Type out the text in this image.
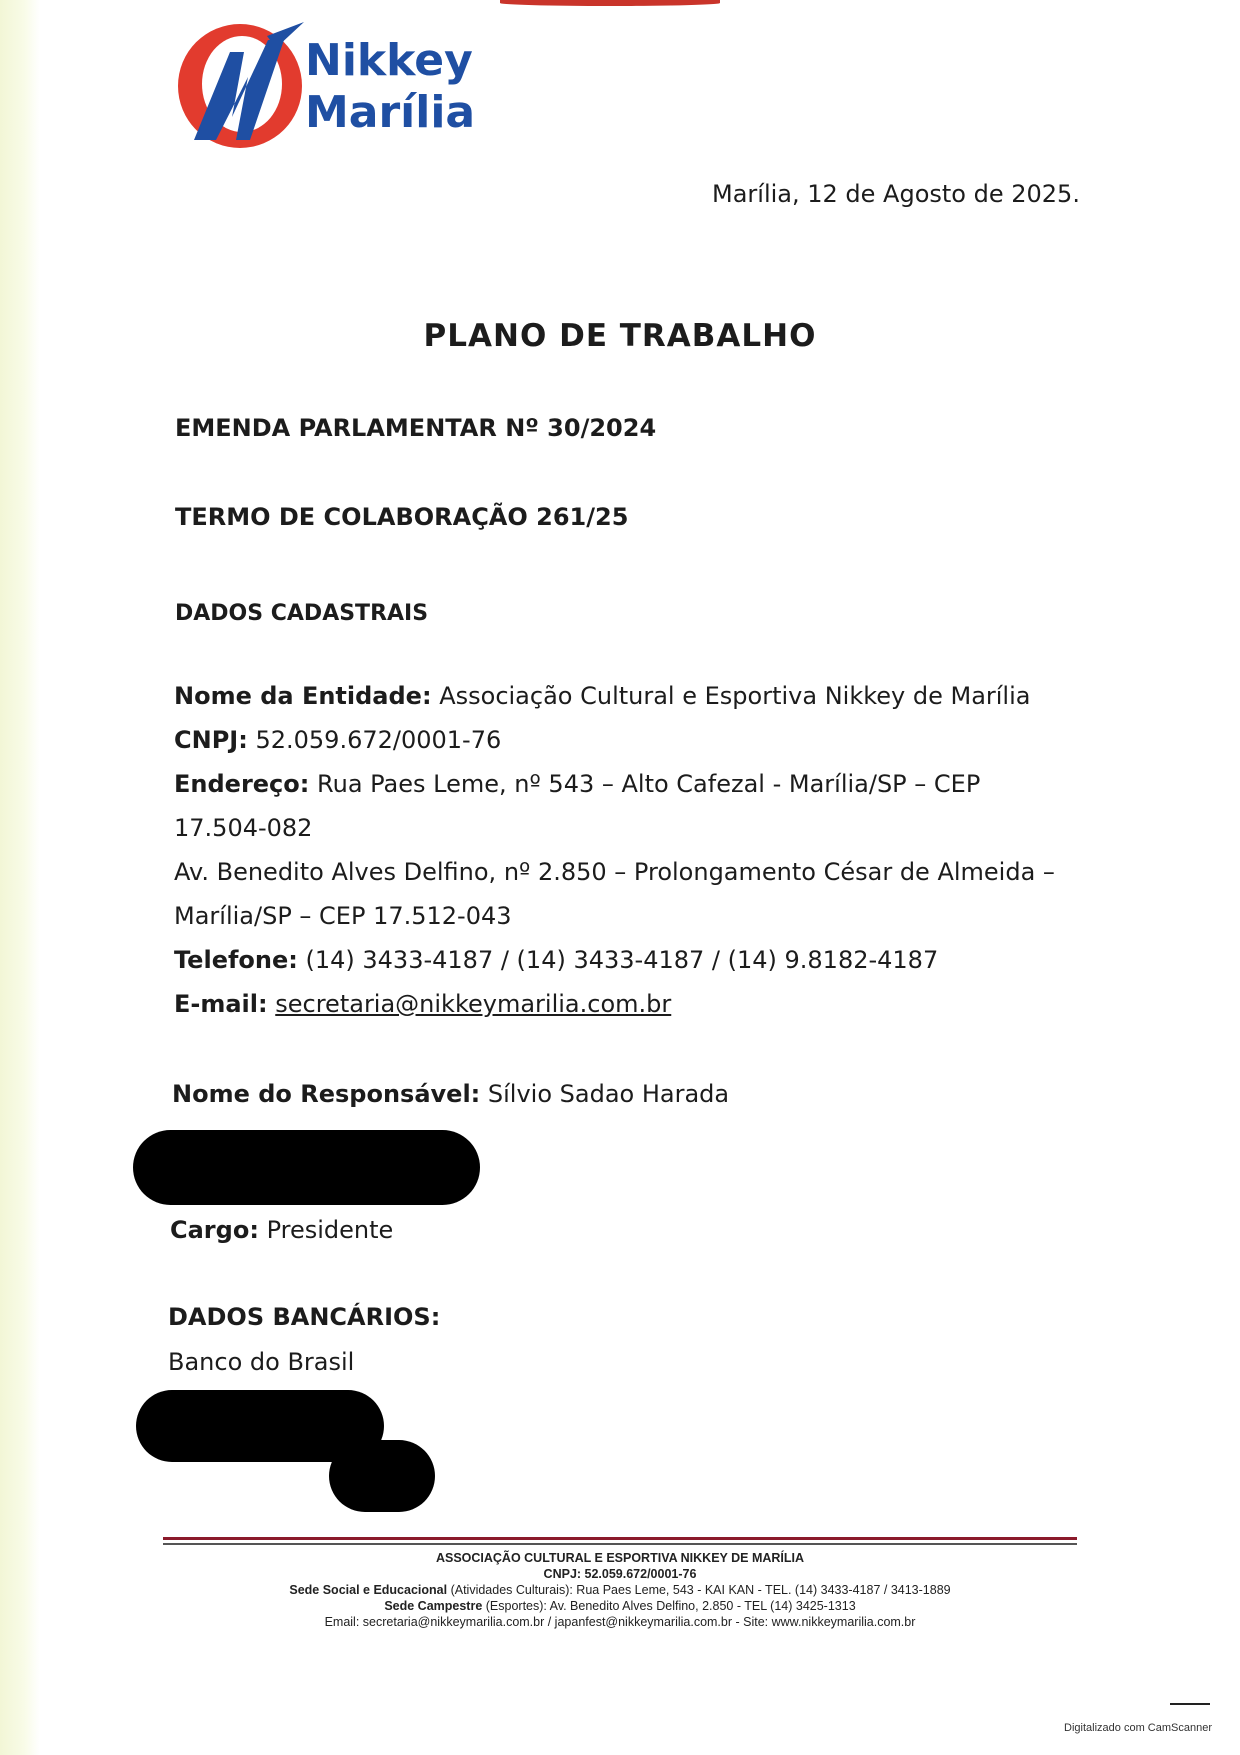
Nikkey
Marília
Marília, 12 de Agosto de 2025.
PLANO DE TRABALHO
EMENDA PARLAMENTAR Nº 30/2024
TERMO DE COLABORAÇÃO 261/25
DADOS CADASTRAIS
Nome da Entidade: Associação Cultural e Esportiva Nikkey de Marília
CNPJ: 52.059.672/0001-76
Endereço: Rua Paes Leme, nº 543 – Alto Cafezal - Marília/SP – CEP
17.504-082
Av. Benedito Alves Delfino, nº 2.850 – Prolongamento César de Almeida –
Marília/SP – CEP 17.512-043
Telefone: (14) 3433-4187 / (14) 3433-4187 / (14) 9.8182-4187
E-mail: secretaria@nikkeymarilia.com.br
Nome do Responsável: Sílvio Sadao Harada
Cargo: Presidente
DADOS BANCÁRIOS:
Banco do Brasil
ASSOCIAÇÃO CULTURAL E ESPORTIVA NIKKEY DE MARÍLIA
CNPJ: 52.059.672/0001-76
Sede Social e Educacional (Atividades Culturais): Rua Paes Leme, 543 - KAI KAN - TEL. (14) 3433-4187 / 3413-1889
Sede Campestre (Esportes): Av. Benedito Alves Delfino, 2.850 - TEL (14) 3425-1313
Email: secretaria@nikkeymarilia.com.br / japanfest@nikkeymarilia.com.br - Site: www.nikkeymarilia.com.br
Digitalizado com CamScanner
